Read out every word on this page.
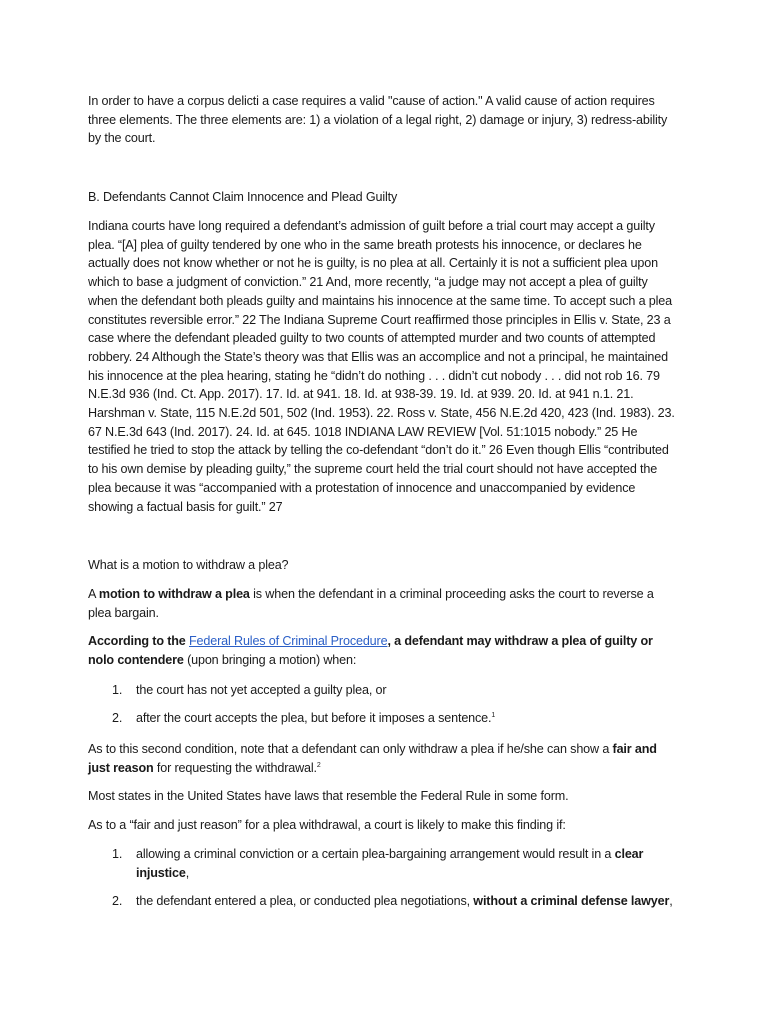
In order to have a corpus delicti a case requires a valid "cause of action." A valid cause of action requires three elements. The three elements are: 1) a violation of a legal right, 2) damage or injury, 3) redress-ability by the court.

B. Defendants Cannot Claim Innocence and Plead Guilty

Indiana courts have long required a defendant’s admission of guilt before a trial court may accept a guilty plea. “[A] plea of guilty tendered by one who in the same breath protests his innocence, or declares he actually does not know whether or not he is guilty, is no plea at all. Certainly it is not a sufficient plea upon which to base a judgment of conviction.” 21 And, more recently, “a judge may not accept a plea of guilty when the defendant both pleads guilty and maintains his innocence at the same time. To accept such a plea constitutes reversible error.” 22 The Indiana Supreme Court reaffirmed those principles in Ellis v. State, 23 a case where the defendant pleaded guilty to two counts of attempted murder and two counts of attempted robbery. 24 Although the State’s theory was that Ellis was an accomplice and not a principal, he maintained his innocence at the plea hearing, stating he “didn’t do nothing . . . didn’t cut nobody . . . did not rob 16. 79 N.E.3d 936 (Ind. Ct. App. 2017). 17. Id. at 941. 18. Id. at 938-39. 19. Id. at 939. 20. Id. at 941 n.1. 21. Harshman v. State, 115 N.E.2d 501, 502 (Ind. 1953). 22. Ross v. State, 456 N.E.2d 420, 423 (Ind. 1983). 23. 67 N.E.3d 643 (Ind. 2017). 24. Id. at 645. 1018 INDIANA LAW REVIEW [Vol. 51:1015 nobody.” 25 He testified he tried to stop the attack by telling the co-defendant “don’t do it.” 26 Even though Ellis “contributed to his own demise by pleading guilty,” the supreme court held the trial court should not have accepted the plea because it was “accompanied with a protestation of innocence and unaccompanied by evidence showing a factual basis for guilt.” 27

What is a motion to withdraw a plea?

A motion to withdraw a plea is when the defendant in a criminal proceeding asks the court to reverse a plea bargain.

According to the Federal Rules of Criminal Procedure, a defendant may withdraw a plea of guilty or nolo contendere (upon bringing a motion) when:

1. the court has not yet accepted a guilty plea, or
2. after the court accepts the plea, but before it imposes a sentence.$^1$

As to this second condition, note that a defendant can only withdraw a plea if he/she can show a fair and just reason for requesting the withdrawal.$^2$

Most states in the United States have laws that resemble the Federal Rule in some form.

As to a “fair and just reason” for a plea withdrawal, a court is likely to make this finding if:

1. allowing a criminal conviction or a certain plea-bargaining arrangement would result in a clear injustice,
2. the defendant entered a plea, or conducted plea negotiations, without a criminal defense lawyer,
